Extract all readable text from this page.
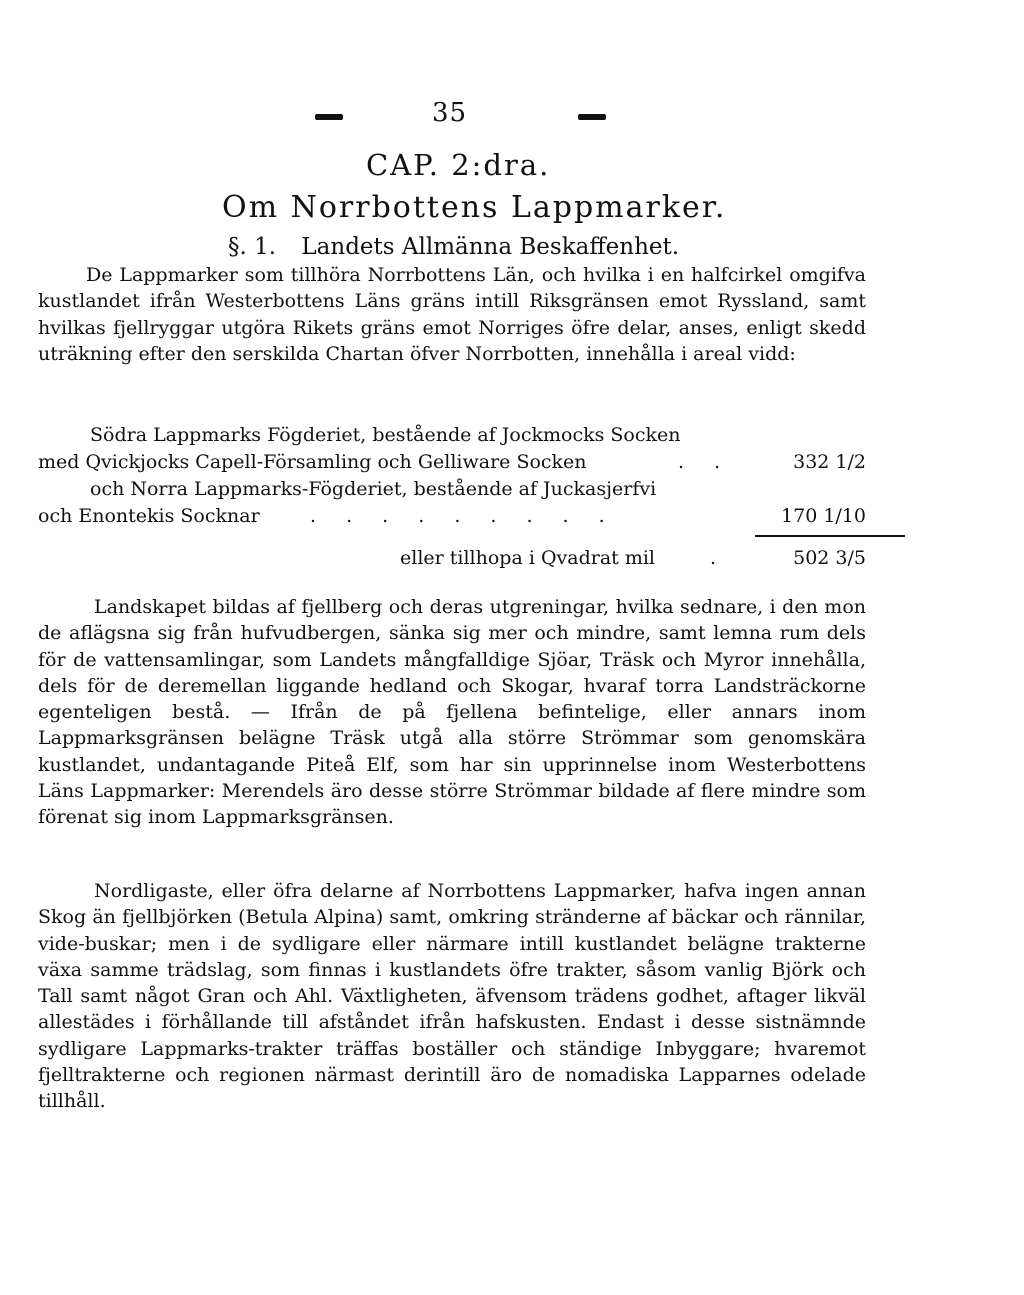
35
CAP. 2:dra.
Om Norrbottens Lappmarker.
§. 1. Landets Allmänna Beskaffenhet.

De Lappmarker som tillhöra Norrbottens Län, och hvilka i en halfcirkel omgifva kustlandet ifrån Westerbottens Läns gräns intill Riksgränsen emot Ryssland, samt hvilkas fjellryggar utgöra Rikets gräns emot Norriges öfre delar, anses, enligt skedd uträkning efter den serskilda Chartan öfver Norrbotten, innehålla i areal vidd:

Södra Lappmarks Fögderiet, bestående af Jockmocks Socken
med Qvickjocks Capell-Församling och Gelliware Socken	. .	332 1/2
och Norra Lappmarks-Fögderiet, bestående af Juckasjerfvi
och Enontekis Socknar	. . . . . . . . .	170 1/10
eller tillhopa i Qvadrat mil	.	502 3/5

Landskapet bildas af fjellberg och deras utgreningar, hvilka sednare, i den mon de aflägsna sig från hufvudbergen, sänka sig mer och mindre, samt lemna rum dels för de vattensamlingar, som Landets mångfalldige Sjöar, Träsk och Myror innehålla, dels för de deremellan liggande hedland och Skogar, hvaraf torra Landsträckorne egenteligen bestå. — Ifrån de på fjellena befintelige, eller annars inom Lappmarksgränsen belägne Träsk utgå alla större Strömmar som genomskära kustlandet, undantagande Piteå Elf, som har sin upprinnelse inom Westerbottens Läns Lappmarker: Merendels äro desse större Strömmar bildade af flere mindre som förenat sig inom Lappmarksgränsen.

Nordligaste, eller öfra delarne af Norrbottens Lappmarker, hafva ingen annan Skog än fjellbjörken (Betula Alpina) samt, omkring stränderne af bäckar och rännilar, vide-buskar; men i de sydligare eller närmare intill kustlandet belägne trakterne växa samme trädslag, som finnas i kustlandets öfre trakter, såsom vanlig Björk och Tall samt något Gran och Ahl. Växtligheten, äfvensom trädens godhet, aftager likväl allestädes i förhållande till afståndet ifrån hafskusten. Endast i desse sistnämnde sydligare Lappmarks-trakter träffas boställer och ständige Inbyggare; hvaremot fjelltrakterne och regionen närmast derintill äro de nomadiska Lapparnes odelade tillhåll.
